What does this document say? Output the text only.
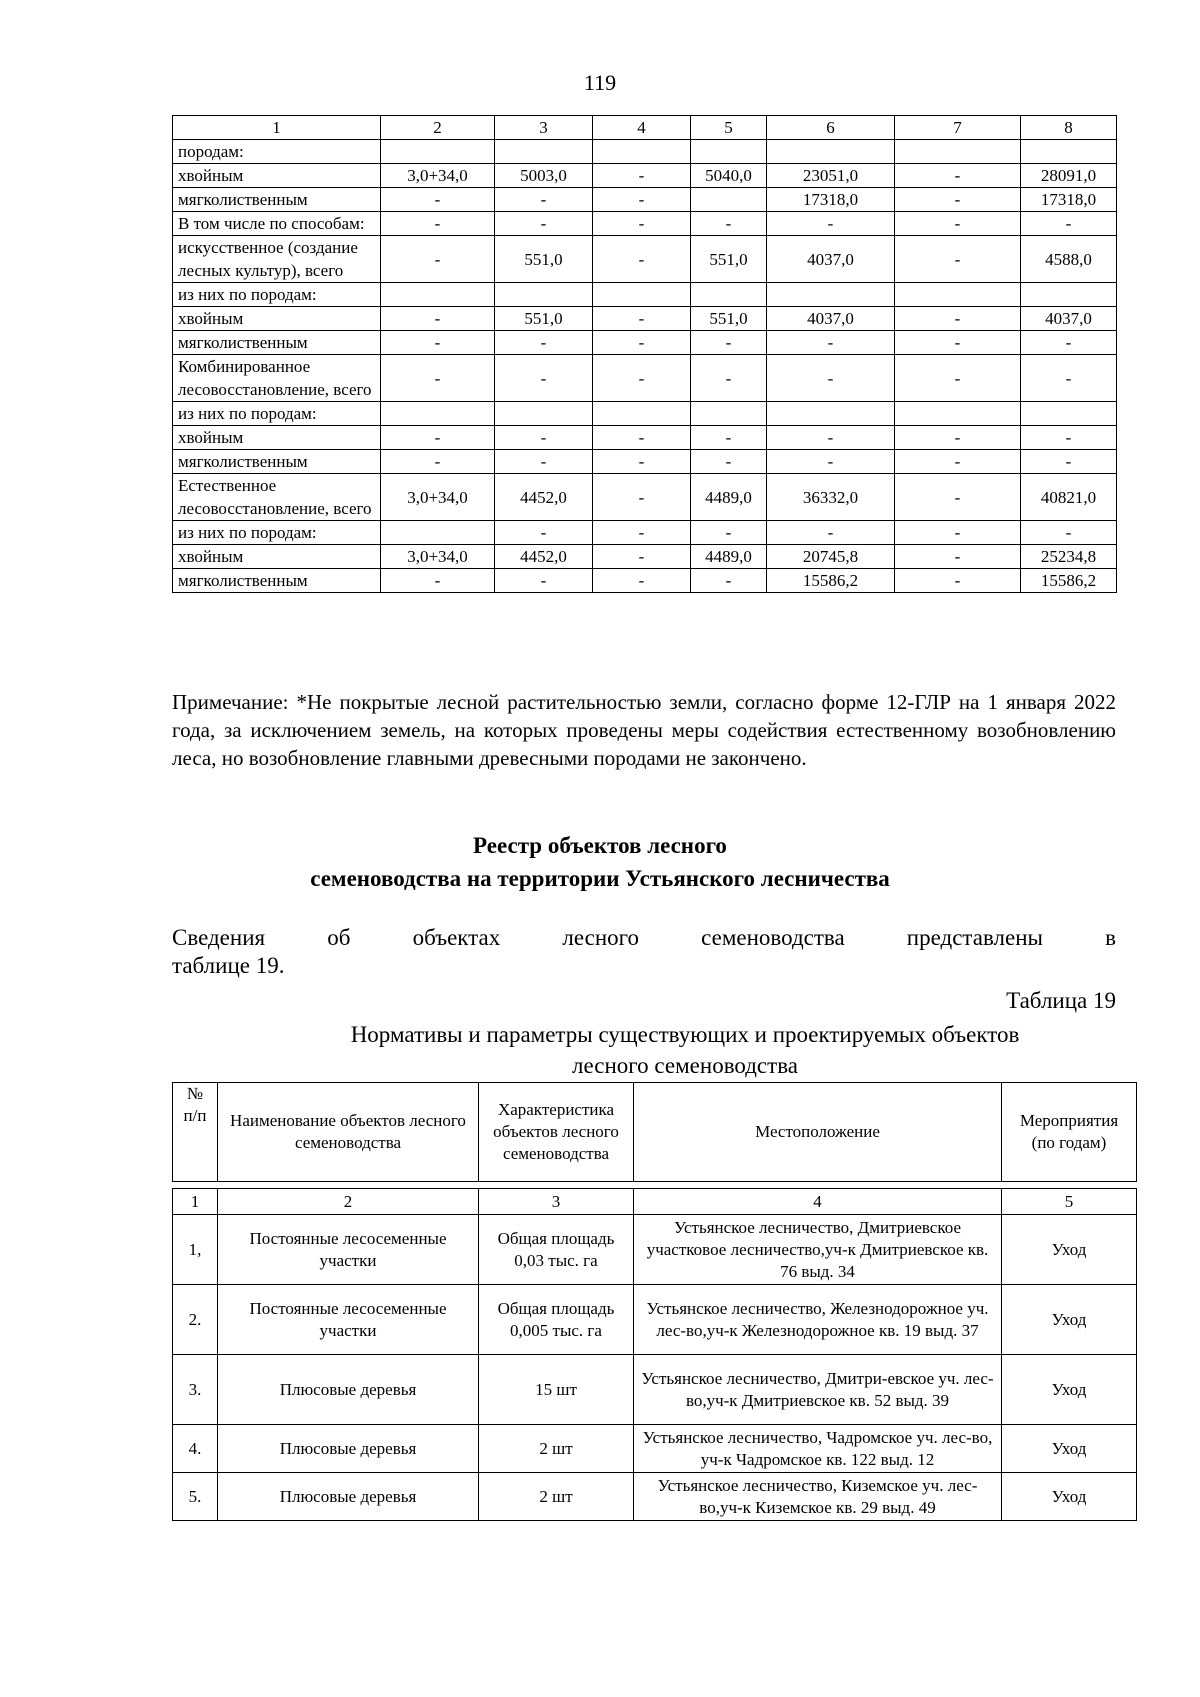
119
1	2	3	4	5	6	7	8
породам:							
хвойным	3,0+34,0	5003,0	-	5040,0	23051,0	-	28091,0
мягколиственным	-	-	-		17318,0	-	17318,0
В том числе по способам:	-	-	-	-	-	-	-
искусственное (создание лесных культур), всего	-	551,0	-	551,0	4037,0	-	4588,0
из них по породам:							
хвойным	-	551,0	-	551,0	4037,0	-	4037,0
мягколиственным	-	-	-	-	-	-	-
Комбинированное лесовосстановление, всего	-	-	-	-	-	-	-
из них по породам:							
хвойным	-	-	-	-	-	-	-
мягколиственным	-	-	-	-	-	-	-
Естественное лесовосстановление, всего	3,0+34,0	4452,0	-	4489,0	36332,0	-	40821,0
из них по породам:		-	-	-	-	-	-
хвойным	3,0+34,0	4452,0	-	4489,0	20745,8	-	25234,8
мягколиственным	-	-	-	-	15586,2	-	15586,2
Примечание: *Не покрытые лесной растительностью земли, согласно форме 12-ГЛР на 1 января 2022 года, за исключением земель, на которых проведены меры содействия естественному возобновлению леса, но возобновление главными древесными породами не закончено.
Реестр объектов лесного
семеноводства на территории Устьянского лесничества
Сведения об объектах лесного семеноводства представлены в
таблице 19.
Таблица 19
Нормативы и параметры существующих и проектируемых объектов
лесного семеноводства
№ п/п	Наименование объектов лесного семеноводства	Характеристика объектов лесного семеноводства	Местоположение	Мероприятия (по годам)

1	2	3	4	5
1,	Постоянные лесосеменные участки	Общая площадь 0,03 тыс. га	Устьянское лесничество, Дмитриевское участковое лесничество,уч-к Дмитриевское кв. 76 выд. 34	Уход
2.	Постоянные лесосеменные участки	Общая площадь 0,005 тыс. га	Устьянское лесничество, Железнодорожное уч. лес-во,уч-к Железнодорожное кв. 19 выд. 37	Уход
3.	Плюсовые деревья	15 шт	Устьянское лесничество, Дмитри-евское уч. лес-во,уч-к Дмитриевское кв. 52 выд. 39	Уход
4.	Плюсовые деревья	2 шт	Устьянское лесничество, Чадромское уч. лес-во, уч-к Чадромское кв. 122 выд. 12	Уход
5.	Плюсовые деревья	2 шт	Устьянское лесничество, Киземское уч. лес-во,уч-к Киземское кв. 29 выд. 49	Уход
